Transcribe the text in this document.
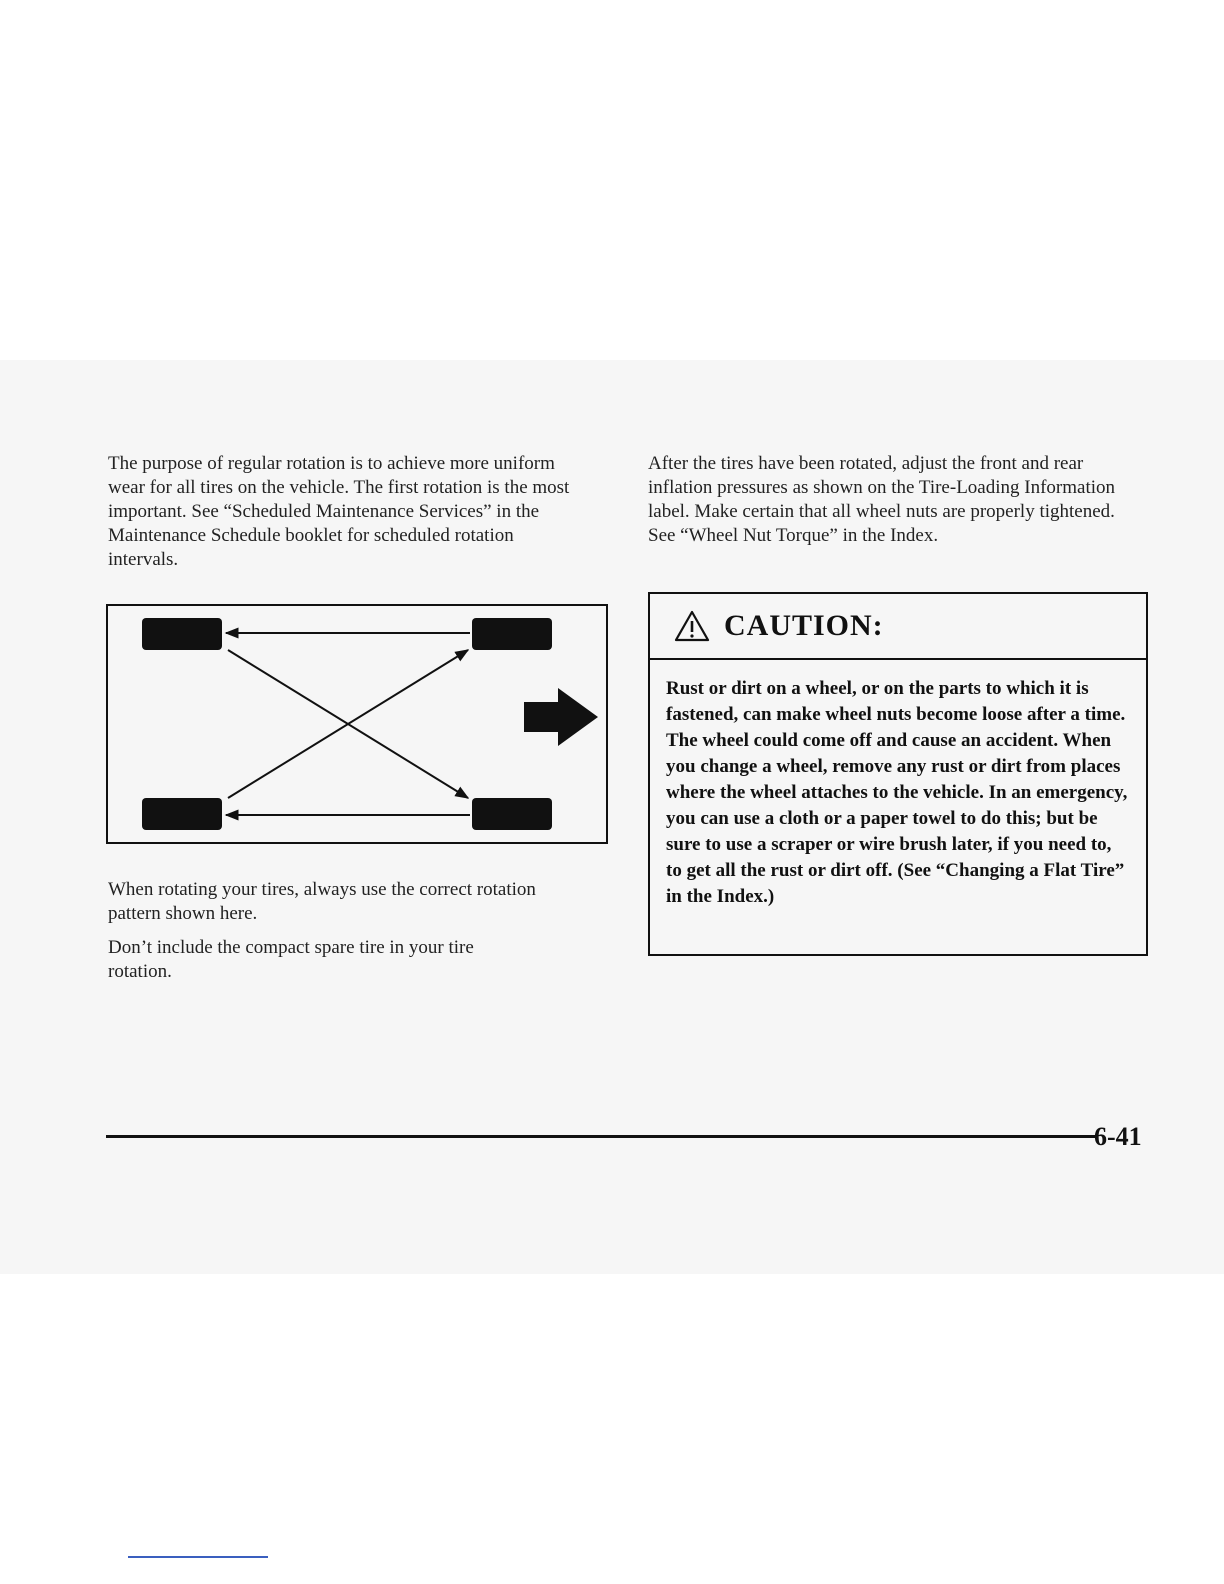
The purpose of regular rotation is to achieve more uniform wear for all tires on the vehicle. The first rotation is the most important. See “Scheduled Maintenance Services” in the Maintenance Schedule booklet for scheduled rotation intervals.

When rotating your tires, always use the correct rotation pattern shown here.

Don’t include the compact spare tire in your tire rotation.

After the tires have been rotated, adjust the front and rear inflation pressures as shown on the Tire-Loading Information label. Make certain that all wheel nuts are properly tightened. See “Wheel Nut Torque” in the Index.

CAUTION:
Rust or dirt on a wheel, or on the parts to which it is fastened, can make wheel nuts become loose after a time. The wheel could come off and cause an accident. When you change a wheel, remove any rust or dirt from places where the wheel attaches to the vehicle. In an emergency, you can use a cloth or a paper towel to do this; but be sure to use a scraper or wire brush later, if you need to, to get all the rust or dirt off. (See “Changing a Flat Tire” in the Index.)
6-41
